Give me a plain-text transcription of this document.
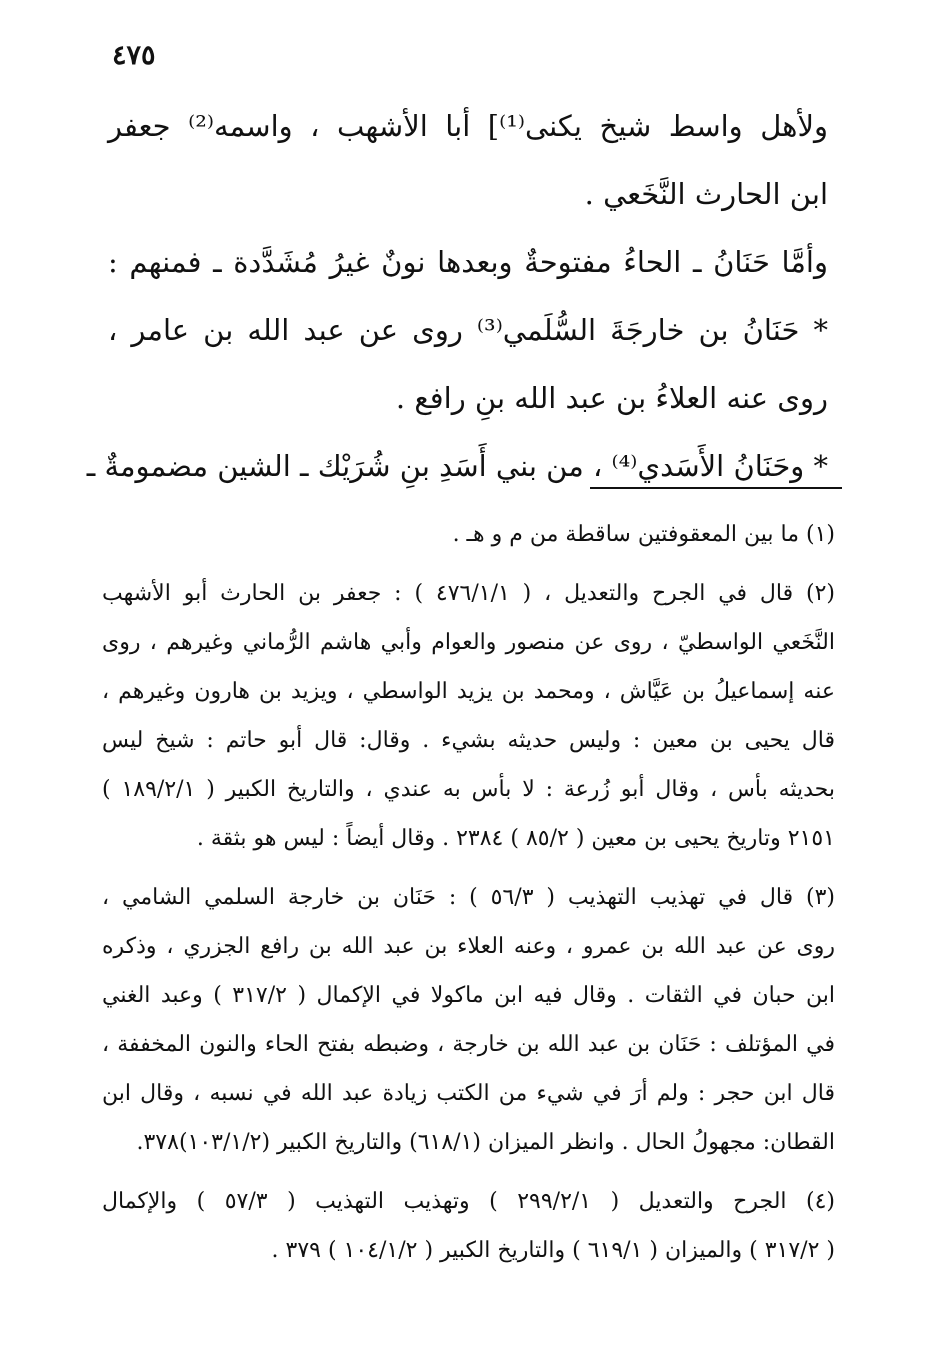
٤٧٥
ولأهل واسط شيخ يكنى⁽¹⁾] أبا الأشهب ، واسمه⁽²⁾ جعفر
ابن الحارث النَّخَعي .
وأمَّا حَنَانُ ـ الحاءُ مفتوحةٌ وبعدها نونٌ غيرُ مُشَدَّدة ـ فمنهم :
* حَنَانُ بن خارجَةَ السُّلَمي⁽³⁾ روى عن عبد الله بن عامر ،
روى عنه العلاءُ بن عبد الله بنِ رافع .
* وحَنَانُ الأَسَدي⁽⁴⁾ ، من بني أَسَدِ بنِ شُرَيْك ـ الشين مضمومةٌ ـ
(١) ما بين المعقوفتين ساقطة من م و هـ .
(٢) قال في الجرح والتعديل ، ( ٤٧٦/١/١ ) : جعفر بن الحارث أبو الأشهب
النَّخَعي الواسطيّ ، روى عن منصور والعوام وأبي هاشم الرُّماني وغيرهم ، روى
عنه إسماعيلُ بن عَيَّاش ، ومحمد بن يزيد الواسطي ، ويزيد بن هارون وغيرهم ،
قال يحيى بن معين : وليس حديثه بشيء . وقال: قال أبو حاتم : شيخ ليس
بحديثه بأس ، وقال أبو زُرعة : لا بأس به عندي ، والتاريخ الكبير ( ١٨٩/٢/١ )
٢١٥١ وتاريخ يحيى بن معين ( ٨٥/٢ ) ٢٣٨٤ . وقال أيضاً : ليس هو بثقة .
(٣) قال في تهذيب التهذيب ( ٥٦/٣ ) : حَنَان بن خارجة السلمي الشامي ،
روى عن عبد الله بن عمرو ، وعنه العلاء بن عبد الله بن رافع الجزري ، وذكره
ابن حبان في الثقات . وقال فيه ابن ماكولا في الإكمال ( ٣١٧/٢ ) وعبد الغني
في المؤتلف : حَنَان بن عبد الله بن خارجة ، وضبطه بفتح الحاء والنون المخففة ،
قال ابن حجر : ولم أرَ في شيء من الكتب زيادة عبد الله في نسبه ، وقال ابن
القطان: مجهولُ الحال . وانظر الميزان (٦١٨/١) والتاريخ الكبير (١٠٣/١/٢)٣٧٨.
(٤) الجرح والتعديل ( ٢٩٩/٢/١ ) وتهذيب التهذيب ( ٥٧/٣ ) والإكمال
( ٣١٧/٢ ) والميزان ( ٦١٩/١ ) والتاريخ الكبير ( ١٠٤/١/٢ ) ٣٧٩ .
